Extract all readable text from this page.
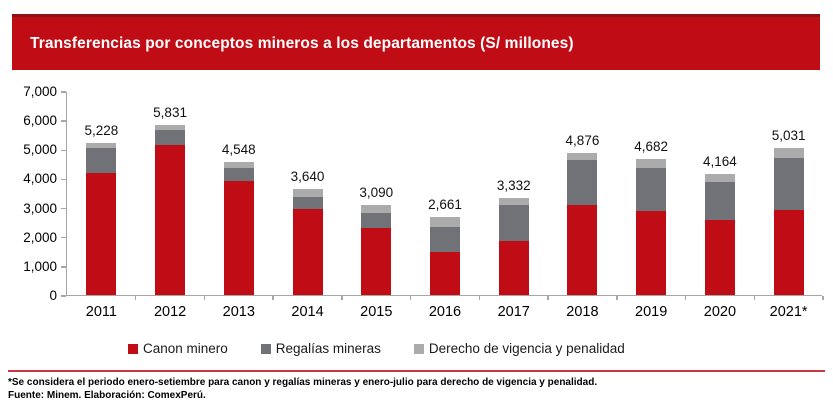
Transferencias por conceptos mineros a los departamentos (S/ millones)
0
1,000
2,000
3,000
4,000
5,000
6,000
7,000
5,228
2011
5,831
2012
4,548
2013
3,640
2014
3,090
2015
2,661
2016
3,332
2017
4,876
2018
4,682
2019
4,164
2020
5,031
2021*
Canon minero	Regalías mineras	Derecho de vigencia y penalidad
*Se considera el periodo enero-setiembre para canon y regalías mineras y enero-julio para derecho de vigencia y penalidad.
Fuente: Minem. Elaboración: ComexPerú.
